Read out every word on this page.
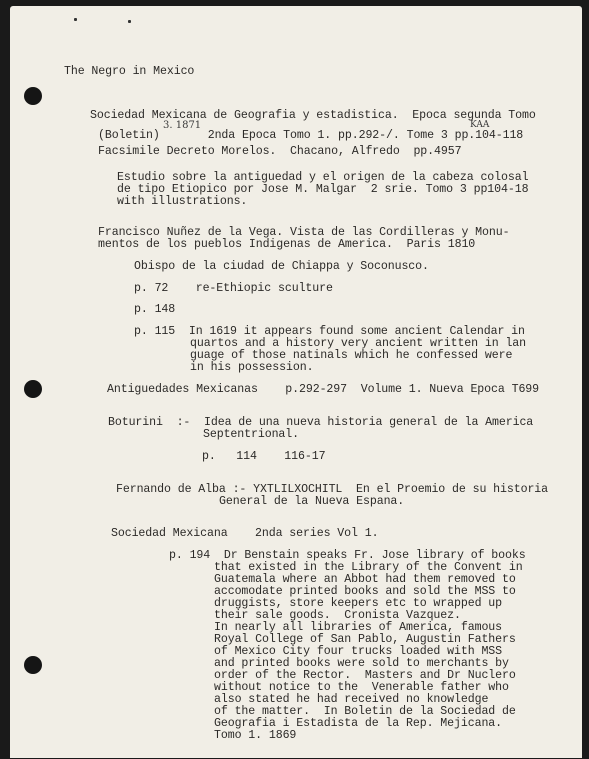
The Negro in Mexico
3. 1871	KAA
Sociedad Mexicana de Geografia y estadistica.  Epoca segunda Tomo
(Boletin)       2nda Epoca Tomo 1. pp.292-/. Tome 3 pp.104-118
Facsimile Decreto Morelos.  Chacano, Alfredo  pp.4957
Estudio sobre la antiguedad y el origen de la cabeza colosal
de tipo Etiopico por Jose M. Malgar  2 srie. Tomo 3 pp104-18
with illustrations.
Francisco Nuñez de la Vega. Vista de las Cordilleras y Monu-
mentos de los pueblos Indigenas de America.  Paris 1810
Obispo de la ciudad de Chiappa y Soconusco.
p. 72    re-Ethiopic sculture
p. 148
p. 115  In 1619 it appears found some ancient Calendar in
quartos and a history very ancient written in lan
guage of those natinals which he confessed were
in his possession.
Antiguedades Mexicanas    p.292-297  Volume 1. Nueva Epoca T699
Boturini  :-  Idea de una nueva historia general de la America
Septentrional.
p.   114    116-17
Fernando de Alba :- YXTLILXOCHITL  En el Proemio de su historia
General de la Nueva Espana.
Sociedad Mexicana    2nda series Vol 1.
p. 194  Dr Benstain speaks Fr. Jose library of books
that existed in the Library of the Convent in
Guatemala where an Abbot had them removed to
accomodate printed books and sold the MSS to
druggists, store keepers etc to wrapped up
their sale goods.  Cronista Vazquez.
In nearly all libraries of America, famous
Royal College of San Pablo, Augustin Fathers
of Mexico City four trucks loaded with MSS
and printed books were sold to merchants by
order of the Rector.  Masters and Dr Nuclero
without notice to the  Venerable father who
also stated he had received no knowledge
of the matter.  In Boletin de la Sociedad de
Geografia i Estadista de la Rep. Mejicana.
Tomo 1. 1869
